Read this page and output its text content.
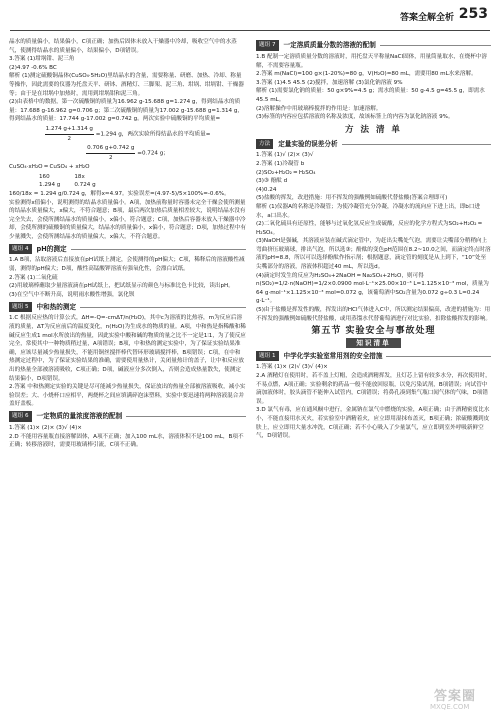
答案全解全析 253

晶水的质量偏小，结果偏小，C项正确；加热后固体未放入干燥器中冷却，吸收空气中的水蒸气，使测得结晶水的质量偏小，结果偏小，D项错误。

3.答案 (1)坩埚钳、泥三角

(2)4.97 -0.6% BC

解析 (1)测定硫酸铜晶体(CuSO₄·5H₂O)里结晶水的含量，需要称量、研磨、加热、冷却、称量等操作，因此需要的仪器为托盘天平、研钵、酒精灯、三脚架、泥三角、坩埚、坩埚钳、干燥器等；由于是在坩埚中加热时，需用到坩埚钳和泥三角。

(2)由表格中的数据，第一次硫酸铜的质量为16.962 g-15.688 g=1.274 g，得到结晶水的质量：17.688 g-16.962 g=0.706 g；第二次硫酸铜的质量为17.002 g-15.688 g=1.314 g，得到结晶水的质量：17.744 g-17.002 g=0.742 g。两次实验中硫酸铜的平均质量=

$\frac{1.274 g+1.314 g}{2} =1.294$ g，两次实验所得结晶水的平均质量=
$\frac{0.706 g+0.742 g}{2} =0.724$ g；

CuSO₄·xH₂O ═ CuSO₄ + xH₂O

	160	18x
	1.294 g	0.724 g

160/18x = 1.294 g/0.724 g，解得x≈4.97。实验误差=(4.97-5)/5×100%=-0.6%。

实验测得x值偏小，说明测得的结晶水质量偏小。A项，加热前称量时容器未完全干燥会使所测量的结晶水质量偏大，x偏大，不符合题意；B项，最后两次加热后质量相差较大，说明结晶水没有完全失去，会使所测结晶水的质量偏小，x偏小，符合题意；C项，加热后容器未放入干燥器中冷却，会使所测的硫酸铜的质量偏大，结晶水的质量偏小，x偏小，符合题意；D项，加热过程中有少量溅失，会使所测结晶水的质量偏大，x偏大，不符合题意。

题组 4	pH的测定

1.A B项，沾取溶液后直接放在pH试纸上测定，会使测得的pH偏大；C项，稀释后的溶液酸性减弱，测得的pH偏大；D项，酸性高锰酸钾溶液有强氧化性，会漂白试纸。

2.答案 (1)二氧化硫

(2)用玻璃棒蘸取少量溶液滴在pH试纸上，把试纸显示的颜色与标准比色卡比较，读出pH。

(3)在空气中不断升高，说明雨水酸性增强，氯化钡

题组 5	中和热的测定

1.C 根据反应热的计算公式，ΔH=-Q=-cmΔT/n(H₂O)，其中c为溶液的比热容，m为反应后溶液的质量，ΔT为反应前后的温度变化，n(H₂O)为生成水的物质的量。A项，中和热是指稀酸和稀碱反应生成1 mol水所放出的热量，因此实验中酸和碱的物质的量之比不一定是1∶1，为了使反应完全，常使其中一种物质稍过量，A项错误；B项，中和热的测定实验中，为了保证实验结果准确，应该尽量减少热量损失，不能用铜丝搅拌棒代替环形玻璃搅拌棒，B项错误；C项，在中和热测定过程中，为了保证实验结果的准确，需要使用量热计，关闭量热计的盖子，让中和反应放出的热量全部被溶液吸收，C项正确；D项，碱液应分多次倒入，否则会造成热量散失，使测定结果偏小，D项错误。

2.答案 中和热测定实验的关键是尽可能减少热量损失，保证放出的热量全部被溶液吸收，减小实验误差；大、小烧杯口应相平，两烧杯之间应填满碎泡沫塑料，实验中要迅速将两种溶液混合并盖好盖板。

题组 6	一定物质的量浓度溶液的配制

1.答案 (1)× (2)× (3)√ (4)×

2.D 不能用容量瓶直接溶解固体，A项不正确；加入100 mL水，溶液体积不是100 mL，B项不正确；转移溶液时，需要用玻璃棒引流，C项不正确。

题组 7	一定溶质质量分数的溶液的配制

1.B 配制一定溶质质量分数的溶液时，用托盘天平称量NaCl固体，用量筒量取水，在烧杯中溶解，不需要容量瓶。

2.答案 m(NaCl)=100 g×(1-20%)=80 g，V(H₂O)=80 mL，需要用80 mL水来溶解。

3.答案 (1)4.5 45.5 (2)搅拌，加速溶解 (3)氯化钠溶液 9%

解析 (1)需要氯化钠的质量：50 g×9%=4.5 g；需水的质量：50 g-4.5 g=45.5 g，即需水45.5 mL。

(2)溶解操作中用玻璃棒搅拌的作用是：加速溶解。

(3)标签的内容应包括溶液的名称及浓度，故该标签上的内容为氯化钠溶液 9%。

方 法 清 单
方法	定量实验的误差分析

1.答案 (1)√ (2)× (3)√

2.答案 (1)冷凝管 b

(2)SO₂+H₂O₂ ═ H₂SO₄

(3)③ 酚酞 d

(4)0.24

(5)盐酸的挥发，改进措施：用不挥发的强酸例如硫酸代替盐酸(答案合理即可)

解析 (1)仪器A的名称是冷凝管；为使冷凝管充分冷凝，冷凝水的流向应下进上出，即b口进水，a口出水。

(2)二氧化硫具有还原性，能够与过氧化氢反应生成硫酸，反应的化学方程式为SO₂+H₂O₂ ═ H₂SO₄。

(3)NaOH是强碱，其溶液应装在碱式滴定管中，为赶出尖嘴处气泡，需要让尖嘴部分稍稍向上弯曲挤压玻璃球，排出气泡，所以选③；酚酞的变色pH范围在8.2~10.0之间，而滴定终点时溶液的pH=8.8，所以可以选择酚酞作指示剂；根据题意，滴定管的刻度是从上到下，“10”处至尖嘴部分的溶液，溶液体积超过40 mL，所以选d。

(4)滴定时发生的反应为H₂SO₄+2NaOH ═ Na₂SO₄+2H₂O，则可得n(SO₂)=1/2·n(NaOH)=1/2×0.0900 mol·L⁻¹×25.00×10⁻³ L=1.125×10⁻³ mol，质量为64 g·mol⁻¹×1.125×10⁻³ mol=0.072 g，该葡萄酒中SO₂含量为0.072 g÷0.3 L=0.24 g·L⁻¹。

(5)由于盐酸是挥发性的酸，挥发出的HCl气体进入C中，所以测定结果偏高，改进的措施为：用不挥发的强酸例如硫酸代替盐酸，或用蒸馏水代替葡萄酒进行对比实验，扣除盐酸挥发的影响。

第五节 实验安全与事故处理
知识清单
题组 1	中学化学实验室常用剂的安全措施

1.答案 (1)× (2)√ (3)√ (4)×

2.A 酒精灯在使用时，若不盖上灯帽，会造成酒精挥发，且灯芯上留有较多水分，再次使用时，不易点燃，A项正确；实验剩余的药品一般不能放回原瓶，以免污染试剂，B项错误；向试管中滴加液体时，胶头滴管不能伸入试管内，C项错误；将鼻孔凑到集气瓶口闻气体的气味，D项错误。

3.D 氯气有毒，应在通风橱中进行，金属钠在氯气中燃烧的实验，A项正确；由于酒精密度比水小，不能直接用水灭火，若实验室中酒精着火，应立即用湿抹布盖灭，B项正确；浓硫酸溅到皮肤上，应立即用大量水冲洗，C项正确；若不小心吸入了少量氯气，应立即到室外呼吸新鲜空气，D项错误。

答案圈
MXQE.COM
